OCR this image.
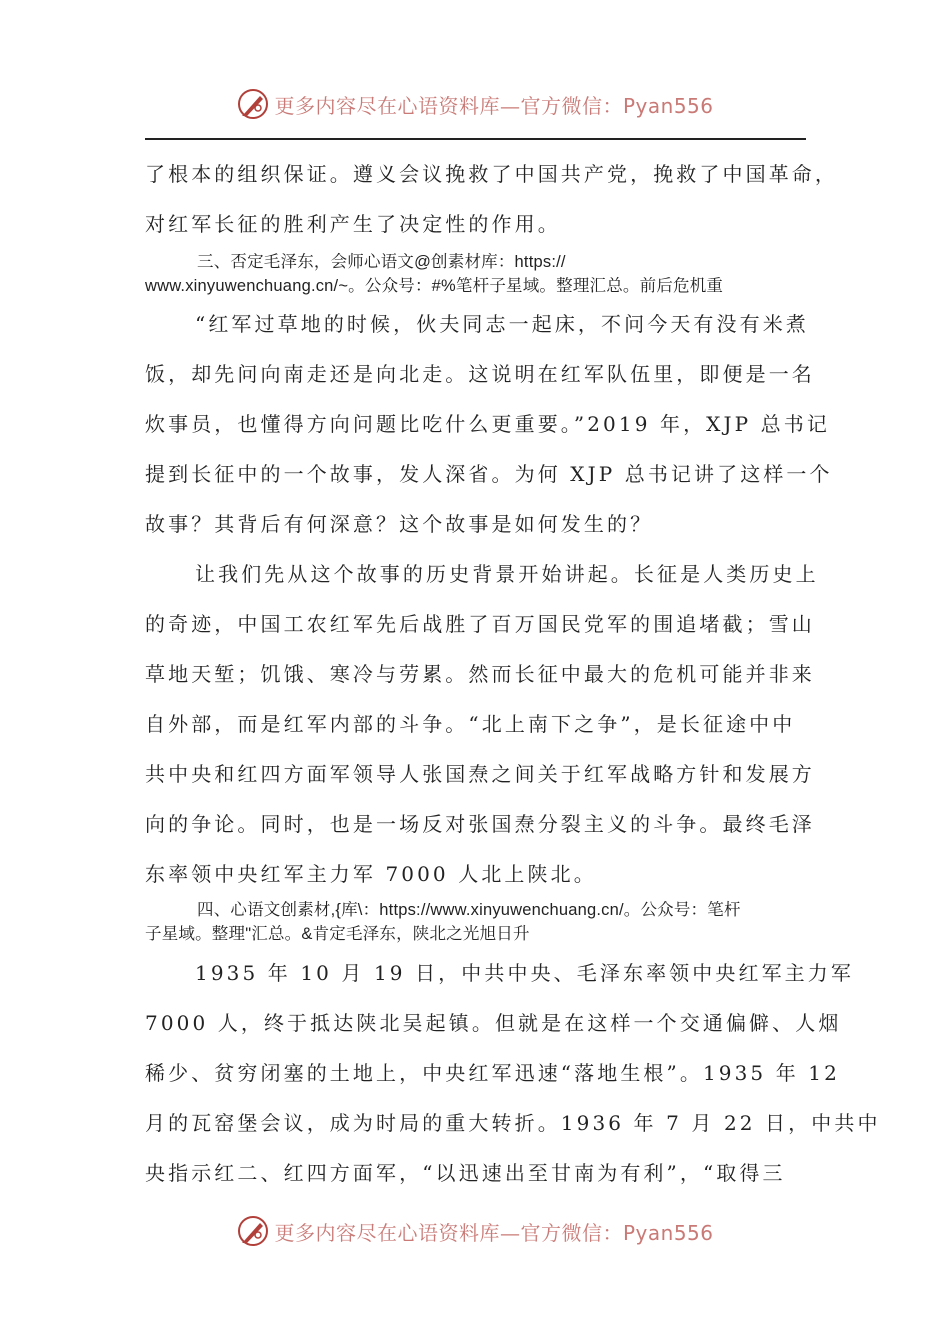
更多内容尽在心语资料库—官方微信：Pyan556
了根本的组织保证。遵义会议挽救了中国共产党，挽救了中国革命，
对红军长征的胜利产生了决定性的作用。
三、否定毛泽东，会师心语文@创素材库：https://
www.xinyuwenchuang.cn/~。公众号：#%笔杆子星域。整理汇总。前后危机重
“红军过草地的时候，伙夫同志一起床，不问今天有没有米煮
饭，却先问向南走还是向北走。这说明在红军队伍里，即便是一名
炊事员，也懂得方向问题比吃什么更重要。”2019 年，XJP 总书记
提到长征中的一个故事，发人深省。为何 XJP 总书记讲了这样一个
故事？其背后有何深意？这个故事是如何发生的？
让我们先从这个故事的历史背景开始讲起。长征是人类历史上
的奇迹，中国工农红军先后战胜了百万国民党军的围追堵截；雪山
草地天堑；饥饿、寒冷与劳累。然而长征中最大的危机可能并非来
自外部，而是红军内部的斗争。“北上南下之争”，是长征途中中
共中央和红四方面军领导人张国焘之间关于红军战略方针和发展方
向的争论。同时，也是一场反对张国焘分裂主义的斗争。最终毛泽
东率领中央红军主力军 7000 人北上陕北。
四、心语文创素材,{库\：https://www.xinyuwenchuang.cn/。公众号：笔杆
子星域。整理"汇总。&肯定毛泽东，陕北之光旭日升
1935 年 10 月 19 日，中共中央、毛泽东率领中央红军主力军
7000 人，终于抵达陕北吴起镇。但就是在这样一个交通偏僻、人烟
稀少、贫穷闭塞的土地上，中央红军迅速“落地生根”。1935 年 12
月的瓦窑堡会议，成为时局的重大转折。1936 年 7 月 22 日，中共中
央指示红二、红四方面军，“以迅速出至甘南为有利”，“取得三
更多内容尽在心语资料库—官方微信：Pyan556
